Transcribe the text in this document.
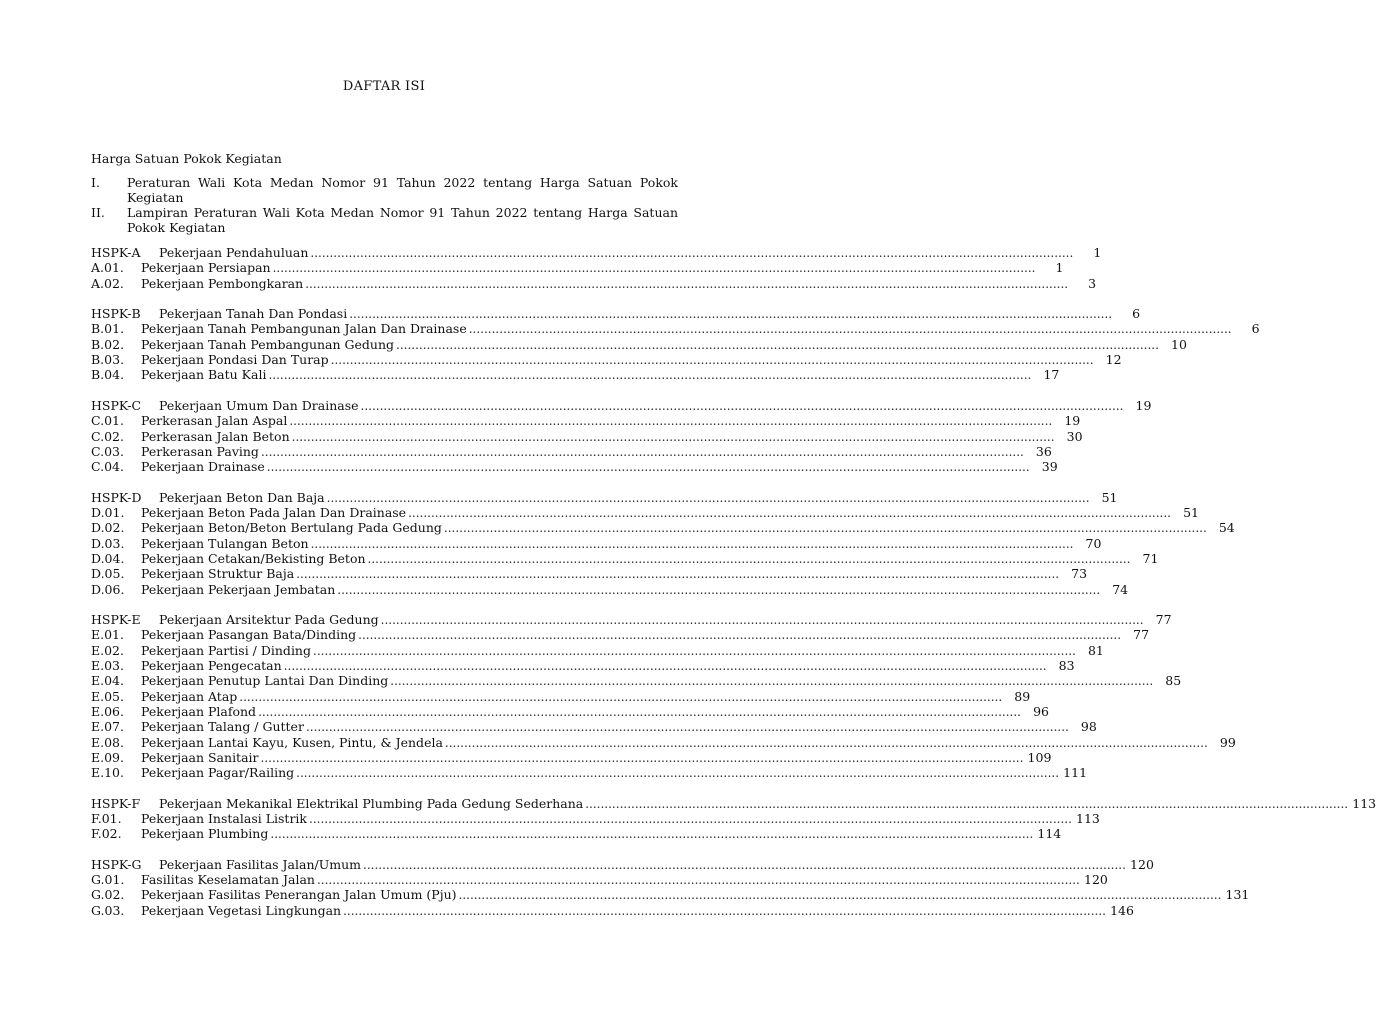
DAFTAR ISI
Harga Satuan Pokok Kegiatan
I.	Peraturan Wali Kota Medan Nomor 91 Tahun 2022 tentang Harga Satuan Pokok Kegiatan
II.	Lampiran Peraturan Wali Kota Medan Nomor 91 Tahun 2022 tentang Harga Satuan Pokok Kegiatan
HSPK-A	Pekerjaan Pendahuluan ........................................................................................................................................................................................................	1
A.01.	Pekerjaan Persiapan ........................................................................................................................................................................................................	1
A.02.	Pekerjaan Pembongkaran ........................................................................................................................................................................................................	3
HSPK-B	Pekerjaan Tanah Dan Pondasi ........................................................................................................................................................................................................	6
B.01.	Pekerjaan Tanah Pembangunan Jalan Dan Drainase ........................................................................................................................................................................................................	6
B.02.	Pekerjaan Tanah Pembangunan Gedung ........................................................................................................................................................................................................ 10
B.03.	Pekerjaan Pondasi Dan Turap ........................................................................................................................................................................................................ 12
B.04.	Pekerjaan Batu Kali ........................................................................................................................................................................................................ 17
HSPK-C	Pekerjaan Umum Dan Drainase ........................................................................................................................................................................................................ 19
C.01.	Perkerasan Jalan Aspal ........................................................................................................................................................................................................ 19
C.02.	Perkerasan Jalan Beton ........................................................................................................................................................................................................ 30
C.03.	Perkerasan Paving ........................................................................................................................................................................................................ 36
C.04.	Pekerjaan Drainase ........................................................................................................................................................................................................ 39
HSPK-D	Pekerjaan Beton Dan Baja ........................................................................................................................................................................................................ 51
D.01.	Pekerjaan Beton Pada Jalan Dan Drainase ........................................................................................................................................................................................................ 51
D.02.	Pekerjaan Beton/Beton Bertulang Pada Gedung ........................................................................................................................................................................................................ 54
D.03.	Pekerjaan Tulangan Beton ........................................................................................................................................................................................................ 70
D.04.	Pekerjaan Cetakan/Bekisting Beton ........................................................................................................................................................................................................ 71
D.05.	Pekerjaan Struktur Baja ........................................................................................................................................................................................................ 73
D.06.	Pekerjaan Pekerjaan Jembatan ........................................................................................................................................................................................................ 74
HSPK-E	Pekerjaan Arsitektur Pada Gedung ........................................................................................................................................................................................................ 77
E.01.	Pekerjaan Pasangan Bata/Dinding ........................................................................................................................................................................................................ 77
E.02.	Pekerjaan Partisi / Dinding ........................................................................................................................................................................................................ 81
E.03.	Pekerjaan Pengecatan ........................................................................................................................................................................................................ 83
E.04.	Pekerjaan Penutup Lantai Dan Dinding ........................................................................................................................................................................................................ 85
E.05.	Pekerjaan Atap ........................................................................................................................................................................................................ 89
E.06.	Pekerjaan Plafond ........................................................................................................................................................................................................ 96
E.07.	Pekerjaan Talang / Gutter ........................................................................................................................................................................................................ 98
E.08.	Pekerjaan Lantai Kayu, Kusen, Pintu, & Jendela ........................................................................................................................................................................................................ 99
E.09.	Pekerjaan Sanitair ........................................................................................................................................................................................................ 109
E.10.	Pekerjaan Pagar/Railing ........................................................................................................................................................................................................ 111
HSPK-F	Pekerjaan Mekanikal Elektrikal Plumbing Pada Gedung Sederhana ........................................................................................................................................................................................................ 113
F.01.	Pekerjaan Instalasi Listrik ........................................................................................................................................................................................................ 113
F.02.	Pekerjaan Plumbing ........................................................................................................................................................................................................ 114
HSPK-G	Pekerjaan Fasilitas Jalan/Umum ........................................................................................................................................................................................................ 120
G.01.	Fasilitas Keselamatan Jalan ........................................................................................................................................................................................................ 120
G.02.	Pekerjaan Fasilitas Penerangan Jalan Umum (Pju) ........................................................................................................................................................................................................ 131
G.03.	Pekerjaan Vegetasi Lingkungan ........................................................................................................................................................................................................ 146
